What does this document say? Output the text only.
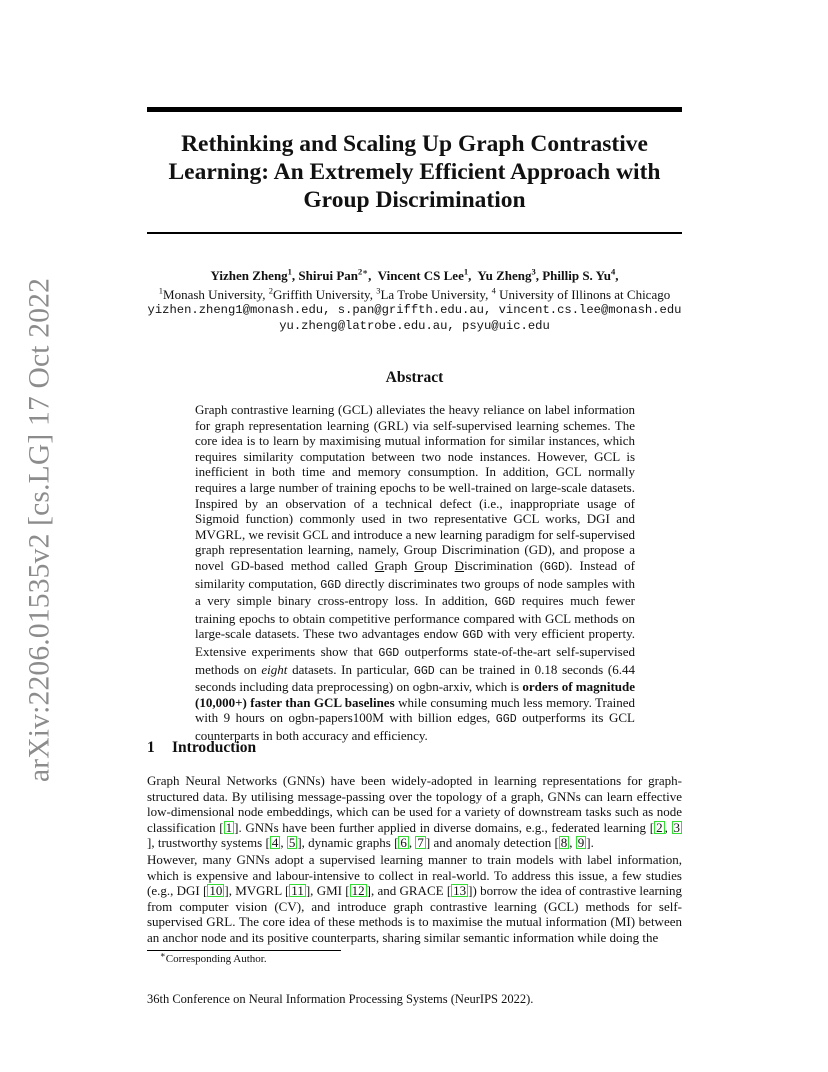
arXiv:2206.01535v2 [cs.LG] 17 Oct 2022
Rethinking and Scaling Up Graph Contrastive
Learning: An Extremely Efficient Approach with
Group Discrimination
Yizhen Zheng$^1$, Shirui Pan$^{2∗}$,  Vincent CS Lee$^1$,  Yu Zheng$^3$, Phillip S. Yu$^4$,
$^1$Monash University, $^2$Griffith University, $^3$La Trobe University, $^4$ University of Illinons at Chicago
yizhen.zheng1@monash.edu, s.pan@griffth.edu.au, vincent.cs.lee@monash.edu
yu.zheng@latrobe.edu.au, psyu@uic.edu
Abstract
Graph contrastive learning (GCL) alleviates the heavy reliance on label information for graph representation learning (GRL) via self-supervised learning schemes. The core idea is to learn by maximising mutual information for similar instances, which requires similarity computation between two node instances. However, GCL is inefficient in both time and memory consumption. In addition, GCL normally requires a large number of training epochs to be well-trained on large-scale datasets. Inspired by an observation of a technical defect (i.e., inappropriate usage of Sigmoid function) commonly used in two representative GCL works, DGI and MVGRL, we revisit GCL and introduce a new learning paradigm for self-supervised graph representation learning, namely, Group Discrimination (GD), and propose a novel GD-based method called Graph Group Discrimination (GGD). Instead of similarity computation, GGD directly discriminates two groups of node samples with a very simple binary cross-entropy loss. In addition, GGD requires much fewer training epochs to obtain competitive performance compared with GCL methods on large-scale datasets. These two advantages endow GGD with very efficient property. Extensive experiments show that GGD outperforms state-of-the-art self-supervised methods on eight datasets. In particular, GGD can be trained in 0.18 seconds (6.44 seconds including data preprocessing) on ogbn-arxiv, which is orders of magnitude (10,000+) faster than GCL baselines while consuming much less memory. Trained with 9 hours on ogbn-papers100M with billion edges, GGD outperforms its GCL counterparts in both accuracy and efficiency.
1 Introduction
Graph Neural Networks (GNNs) have been widely-adopted in learning representations for graph-structured data. By utilising message-passing over the topology of a graph, GNNs can learn effective low-dimensional node embeddings, which can be used for a variety of downstream tasks such as node classification [ 1 ]. GNNs have been further applied in diverse domains, e.g., federated learning [ 2 , 3], trustworthy systems [ 4 , 5 ], dynamic graphs [ 6 , 7 ] and anomaly detection [ 8 , 9 ].
However, many GNNs adopt a supervised learning manner to train models with label information, which is expensive and labour-intensive to collect in real-world. To address this issue, a few studies (e.g., DGI [ 10 ], MVGRL [ 11 ], GMI [ 12 ], and GRACE [ 13 ]) borrow the idea of contrastive learning from computer vision (CV), and introduce graph contrastive learning (GCL) methods for self-supervised GRL. The core idea of these methods is to maximise the mutual information (MI) between an anchor node and its positive counterparts, sharing similar semantic information while doing the
∗Corresponding Author.
36th Conference on Neural Information Processing Systems (NeurIPS 2022).
